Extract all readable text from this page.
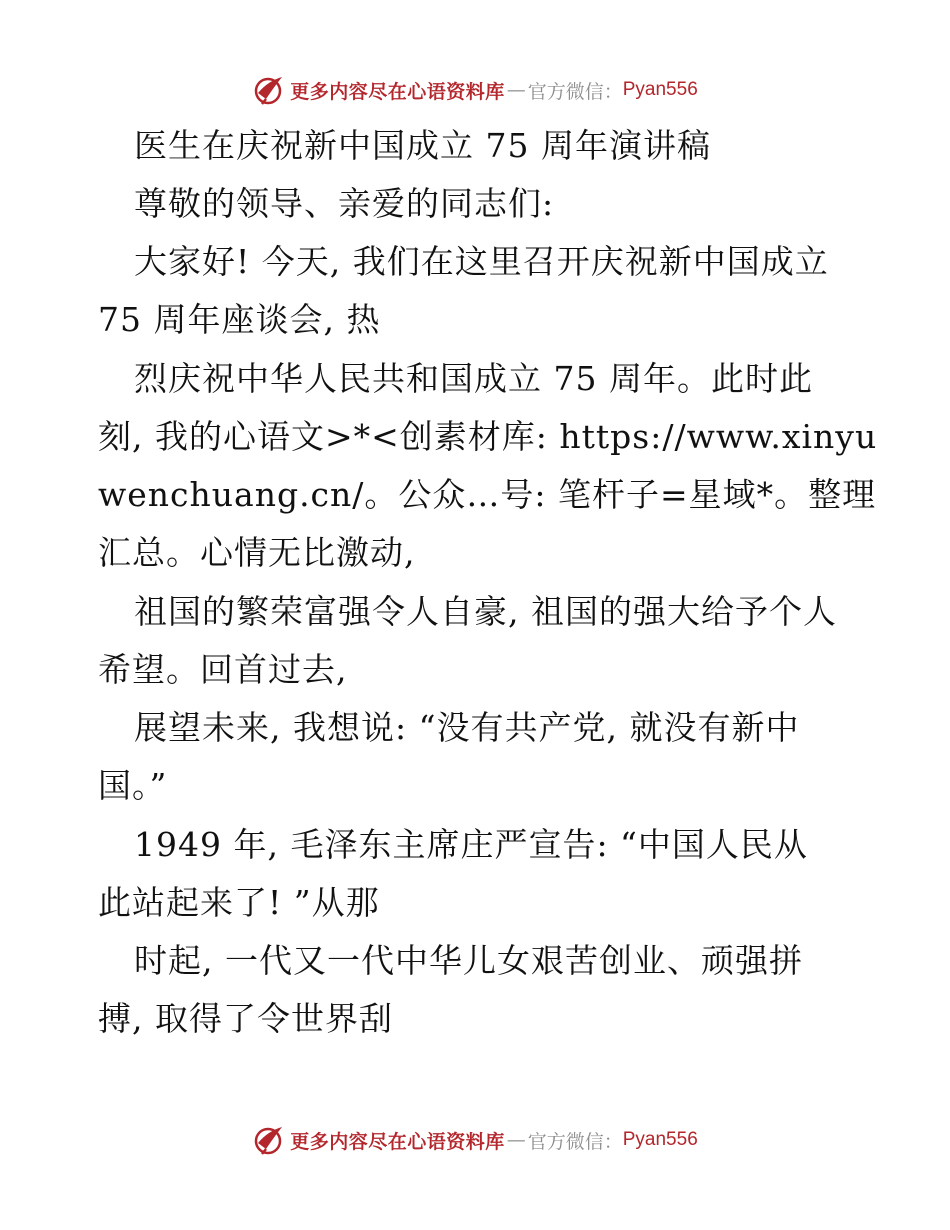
更多内容尽在心语资料库 — 官方微信： Pyan556
医生在庆祝新中国成立 75 周年演讲稿
尊敬的领导、亲爱的同志们:
大家好! 今天, 我们在这里召开庆祝新中国成立
75 周年座谈会, 热
烈庆祝中华人民共和国成立 75 周年。此时此
刻, 我的心语文>*<创素材库: https://www.xinyu
wenchuang.cn/。公众…号: 笔杆子=星域*。整理
汇总。心情无比激动,
祖国的繁荣富强令人自豪, 祖国的强大给予个人
希望。回首过去,
展望未来, 我想说: “没有共产党, 就没有新中
国。”
1949 年, 毛泽东主席庄严宣告: “中国人民从
此站起来了! ”从那
时起, 一代又一代中华儿女艰苦创业、顽强拼
搏, 取得了令世界刮
更多内容尽在心语资料库 — 官方微信： Pyan556
